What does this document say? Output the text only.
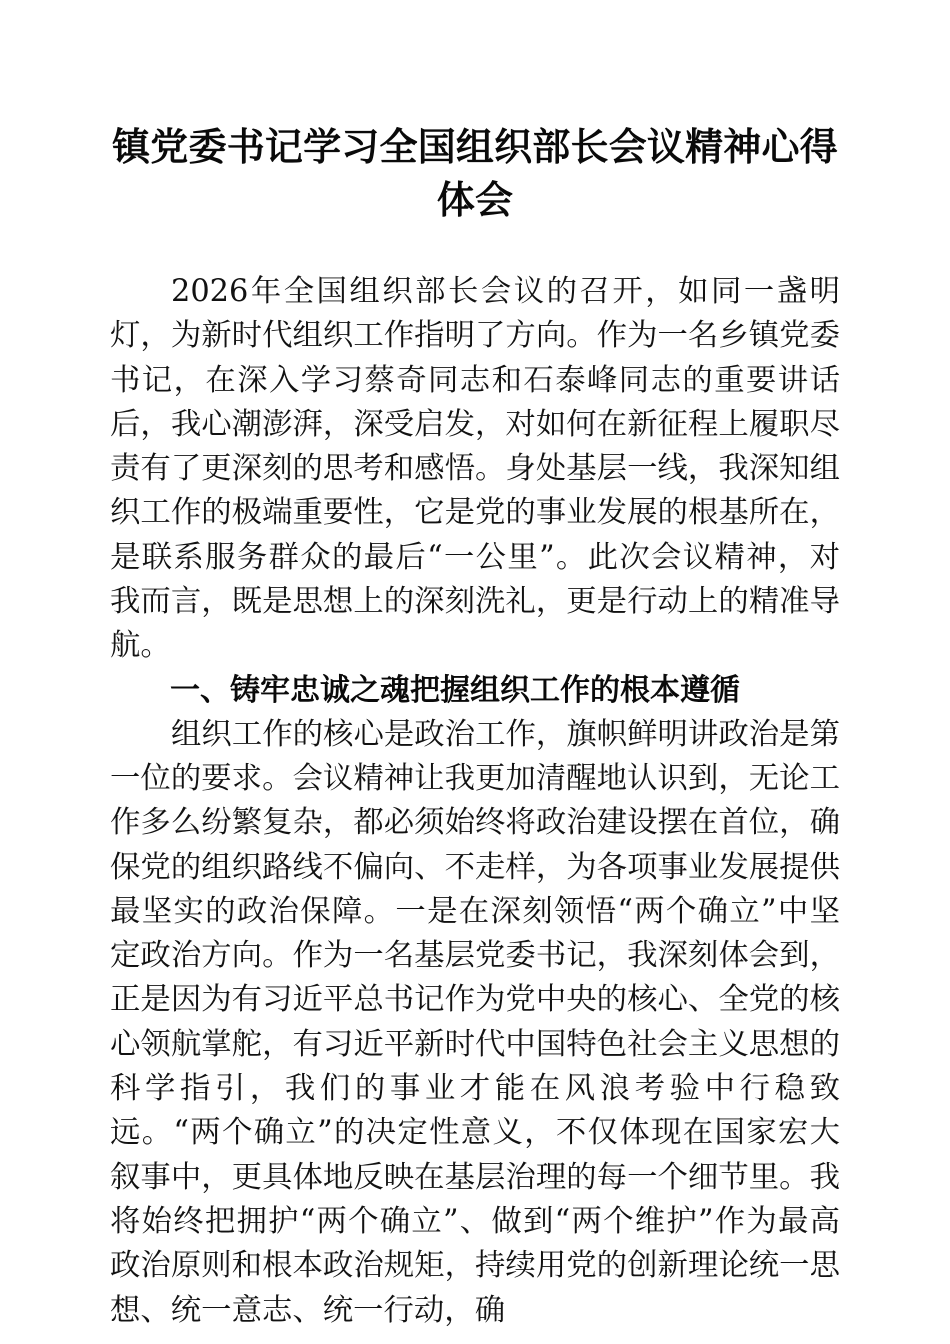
镇党委书记学习全国组织部长会议精神心得体会

2026年全国组织部长会议的召开，如同一盏明灯，为新时代组织工作指明了方向。作为一名乡镇党委书记，在深入学习蔡奇同志和石泰峰同志的重要讲话后，我心潮澎湃，深受启发，对如何在新征程上履职尽责有了更深刻的思考和感悟。身处基层一线，我深知组织工作的极端重要性，它是党的事业发展的根基所在，是联系服务群众的最后“一公里”。此次会议精神，对我而言，既是思想上的深刻洗礼，更是行动上的精准导航。

一、铸牢忠诚之魂把握组织工作的根本遵循

组织工作的核心是政治工作，旗帜鲜明讲政治是第一位的要求。会议精神让我更加清醒地认识到，无论工作多么纷繁复杂，都必须始终将政治建设摆在首位，确保党的组织路线不偏向、不走样，为各项事业发展提供最坚实的政治保障。一是在深刻领悟“两个确立”中坚定政治方向。作为一名基层党委书记，我深刻体会到，正是因为有习近平总书记作为党中央的核心、全党的核心领航掌舵，有习近平新时代中国特色社会主义思想的科学指引，我们的事业才能在风浪考验中行稳致远。“两个确立”的决定性意义，不仅体现在国家宏大叙事中，更具体地反映在基层治理的每一个细节里。我将始终把拥护“两个确立”、做到“两个维护”作为最高政治原则和根本政治规矩，持续用党的创新理论统一思想、统一意志、统一行动，确
